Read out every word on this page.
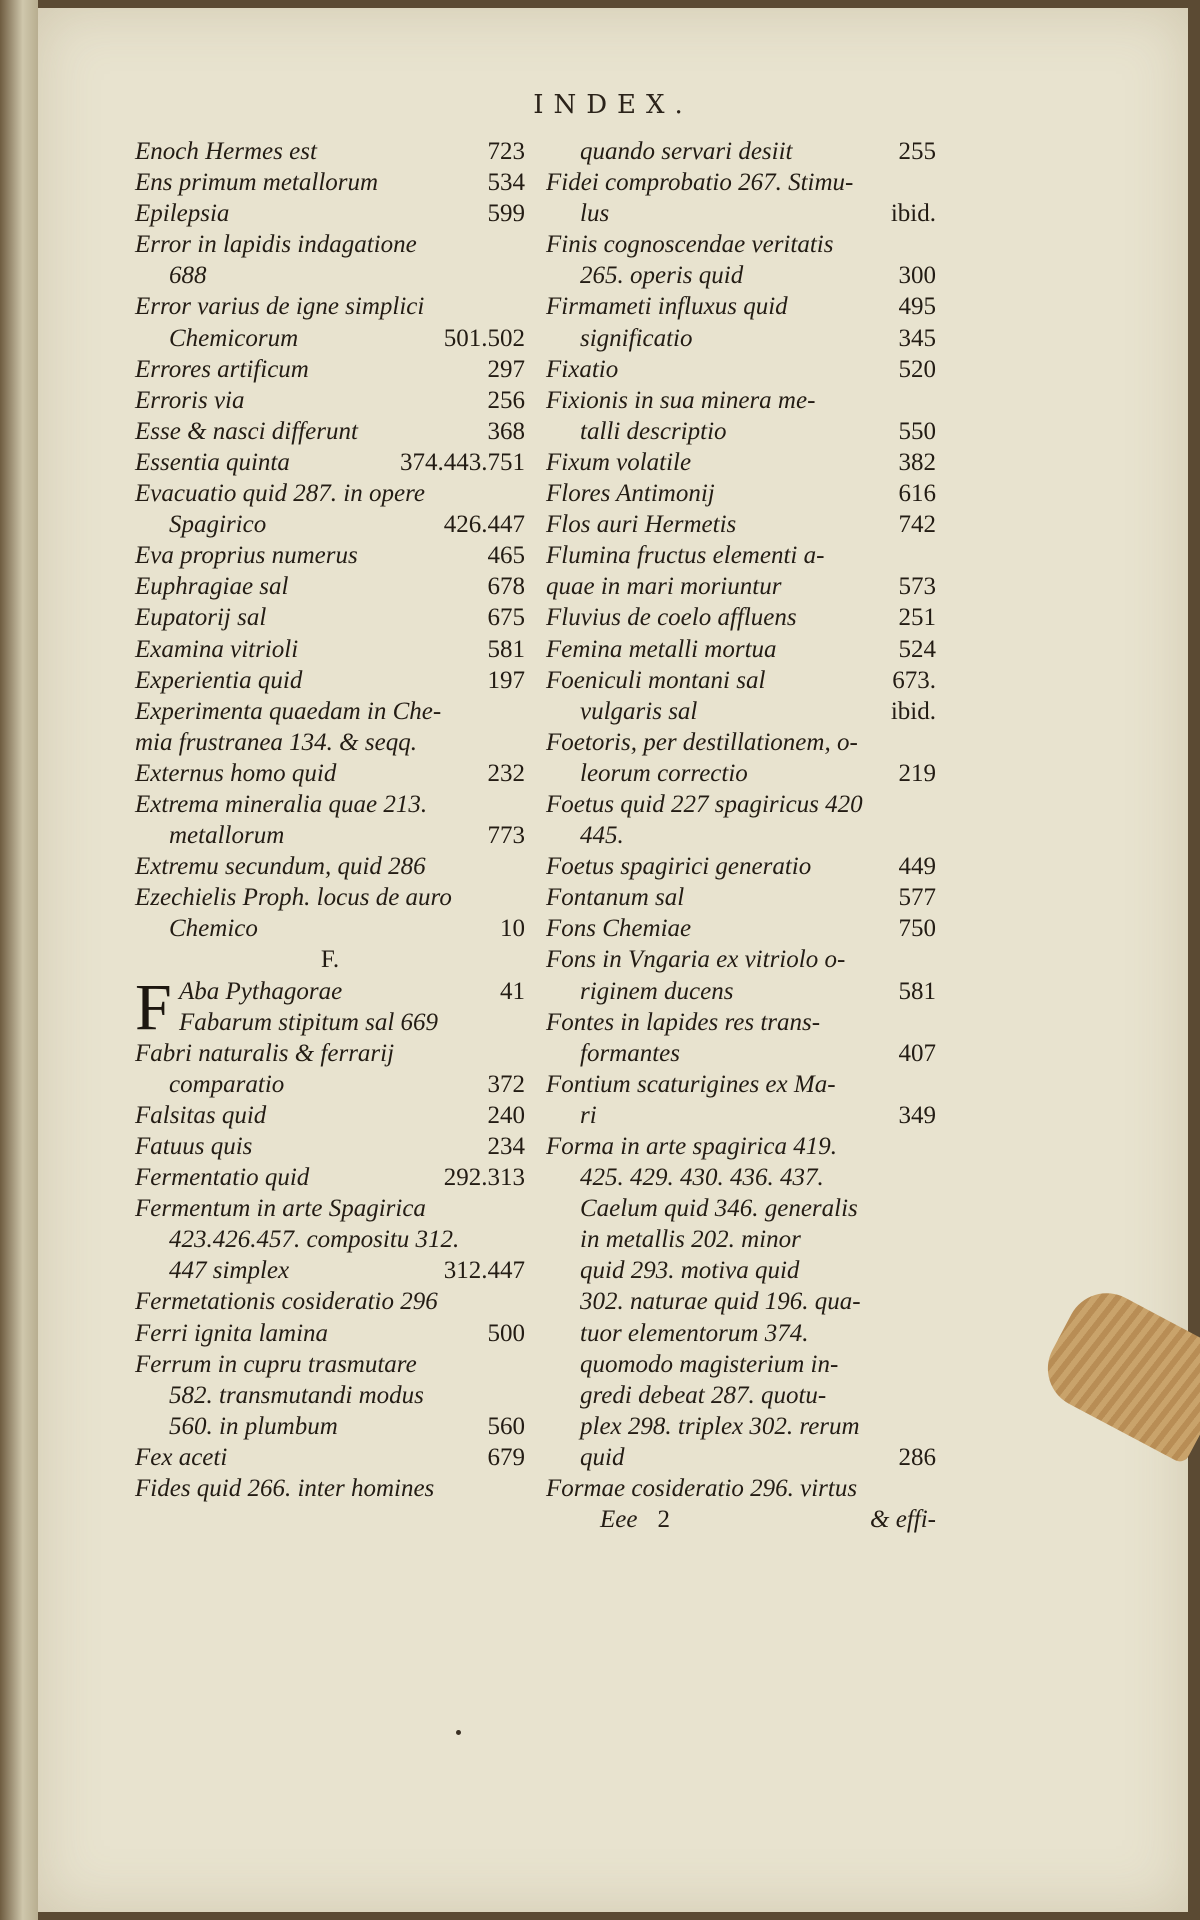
INDEX.
Enoch Hermes est	723
Ens primum metallorum	534
Epilepsia	599
Error in lapidis indagatione
688
Error varius de igne simplici
Chemicorum	501.502
Errores artificum	297
Erroris via	256
Esse & nasci differunt	368
Essentia quinta	374.443.751
Evacuatio quid 287. in opere
Spagirico	426.447
Eva proprius numerus	465
Euphragiae sal	678
Eupatorij sal	675
Examina vitrioli	581
Experientia quid	197
Experimenta quaedam in Che-
mia frustranea 134. & seqq.
Externus homo quid	232
Extrema mineralia quae 213.
metallorum	773
Extremu secundum, quid 286
Ezechielis Proph. locus de auro
Chemico	10
F.
F Aba Pythagorae	41
Fabarum stipitum sal 669
Fabri naturalis & ferrarij
comparatio	372
Falsitas quid	240
Fatuus quis	234
Fermentatio quid	292.313
Fermentum in arte Spagirica
423.426.457. compositu 312.
447 simplex	312.447
Fermetationis cosideratio 296
Ferri ignita lamina	500
Ferrum in cupru trasmutare
582. transmutandi modus
560. in plumbum	560
Fex aceti	679
Fides quid 266. inter homines
quando servari desiit	255
Fidei comprobatio 267. Stimu-
lus	ibid.
Finis cognoscendae veritatis
265. operis quid	300
Firmameti influxus quid	495
significatio	345
Fixatio	520
Fixionis in sua minera me-
talli descriptio	550
Fixum volatile	382
Flores Antimonij	616
Flos auri Hermetis	742
Flumina fructus elementi a-
quae in mari moriuntur	573
Fluvius de coelo affluens	251
Femina metalli mortua	524
Foeniculi montani sal	673.
vulgaris sal	ibid.
Foetoris, per destillationem, o-
leorum correctio	219
Foetus quid 227 spagiricus 420
445.
Foetus spagirici generatio	449
Fontanum sal	577
Fons Chemiae	750
Fons in Vngaria ex vitriolo o-
riginem ducens	581
Fontes in lapides res trans-
formantes	407
Fontium scaturigines ex Ma-
ri	349
Forma in arte spagirica 419.
425. 429. 430. 436. 437.
Caelum quid 346. generalis
in metallis 202. minor
quid 293. motiva quid
302. naturae quid 196. qua-
tuor elementorum 374.
quomodo magisterium in-
gredi debeat 287. quotu-
plex 298. triplex 302. rerum
quid	286
Formae cosideratio 296. virtus
Eee 2	& effi-
